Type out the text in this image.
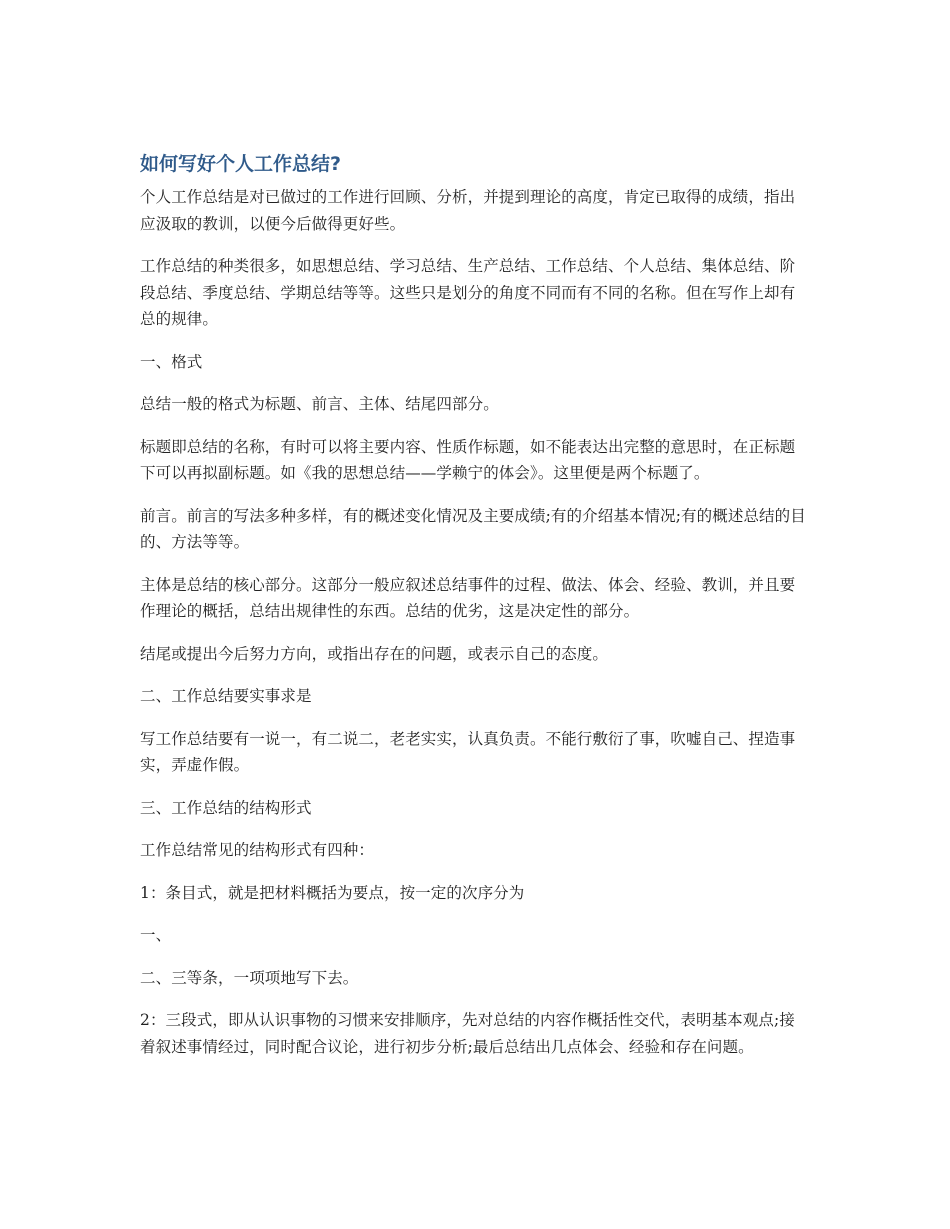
如何写好个人工作总结?

个人工作总结是对已做过的工作进行回顾、分析，并提到理论的高度，肯定已取得的成绩，指出应汲取的教训，以便今后做得更好些。

工作总结的种类很多，如思想总结、学习总结、生产总结、工作总结、个人总结、集体总结、阶段总结、季度总结、学期总结等等。这些只是划分的角度不同而有不同的名称。但在写作上却有总的规律。

一、格式

总结一般的格式为标题、前言、主体、结尾四部分。

标题即总结的名称，有时可以将主要内容、性质作标题，如不能表达出完整的意思时，在正标题下可以再拟副标题。如《我的思想总结——学赖宁的体会》。这里便是两个标题了。

前言。前言的写法多种多样，有的概述变化情况及主要成绩;有的介绍基本情况;有的概述总结的目的、方法等等。

主体是总结的核心部分。这部分一般应叙述总结事件的过程、做法、体会、经验、教训，并且要作理论的概括，总结出规律性的东西。总结的优劣，这是决定性的部分。

结尾或提出今后努力方向，或指出存在的问题，或表示自己的态度。

二、工作总结要实事求是

写工作总结要有一说一，有二说二，老老实实，认真负责。不能行敷衍了事，吹嘘自己、捏造事实，弄虚作假。

三、工作总结的结构形式

工作总结常见的结构形式有四种：

1：条目式，就是把材料概括为要点，按一定的次序分为

一、

二、三等条，一项项地写下去。

2：三段式，即从认识事物的习惯来安排顺序，先对总结的内容作概括性交代，表明基本观点;接着叙述事情经过，同时配合议论，进行初步分析;最后总结出几点体会、经验和存在问题。
